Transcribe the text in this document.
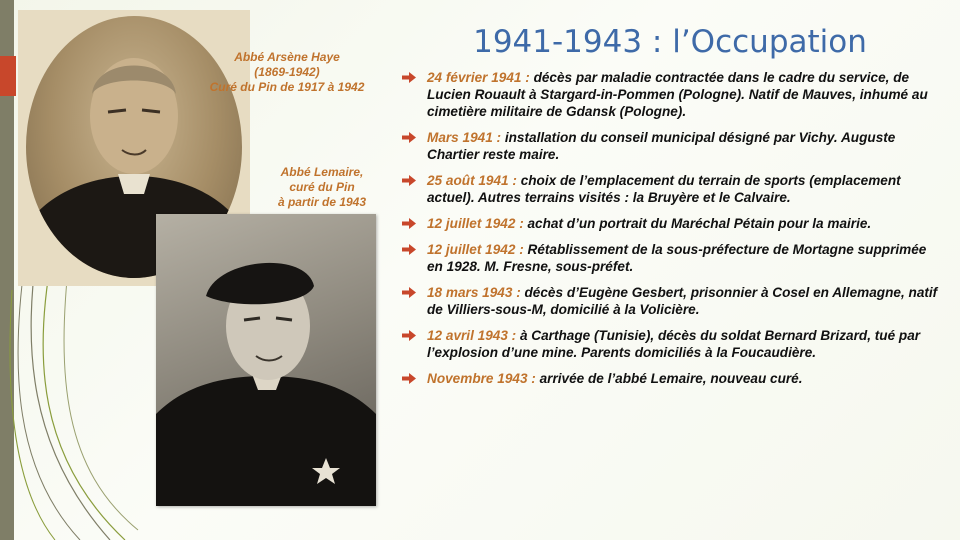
Abbé Arsène Haye
(1869-1942)
Curé du Pin de 1917 à 1942
Abbé Lemaire,
curé du Pin
à partir de 1943
1941-1943 : l’Occupation
24 février 1941 : décès par maladie contractée dans le cadre du service, de Lucien Rouault à Stargard-in-Pommen (Pologne). Natif de Mauves, inhumé au cimetière militaire de Gdansk (Pologne).
Mars 1941 : installation du conseil municipal désigné par Vichy. Auguste Chartier reste maire.
25 août 1941 : choix de l’emplacement du terrain de sports (emplacement actuel). Autres terrains visités : la Bruyère et le Calvaire.
12 juillet 1942 : achat d’un portrait du Maréchal Pétain pour la mairie.
12 juillet 1942 : Rétablissement de la sous-préfecture de Mortagne supprimée en 1928. M. Fresne, sous-préfet.
18 mars 1943 : décès d’Eugène Gesbert, prisonnier à Cosel en Allemagne, natif de Villiers-sous-M, domicilié à la Volicière.
12 avril 1943 : à Carthage (Tunisie), décès du soldat Bernard Brizard, tué par l’explosion d’une mine. Parents domiciliés à la Foucaudière.
Novembre 1943 : arrivée de l’abbé Lemaire, nouveau curé.
